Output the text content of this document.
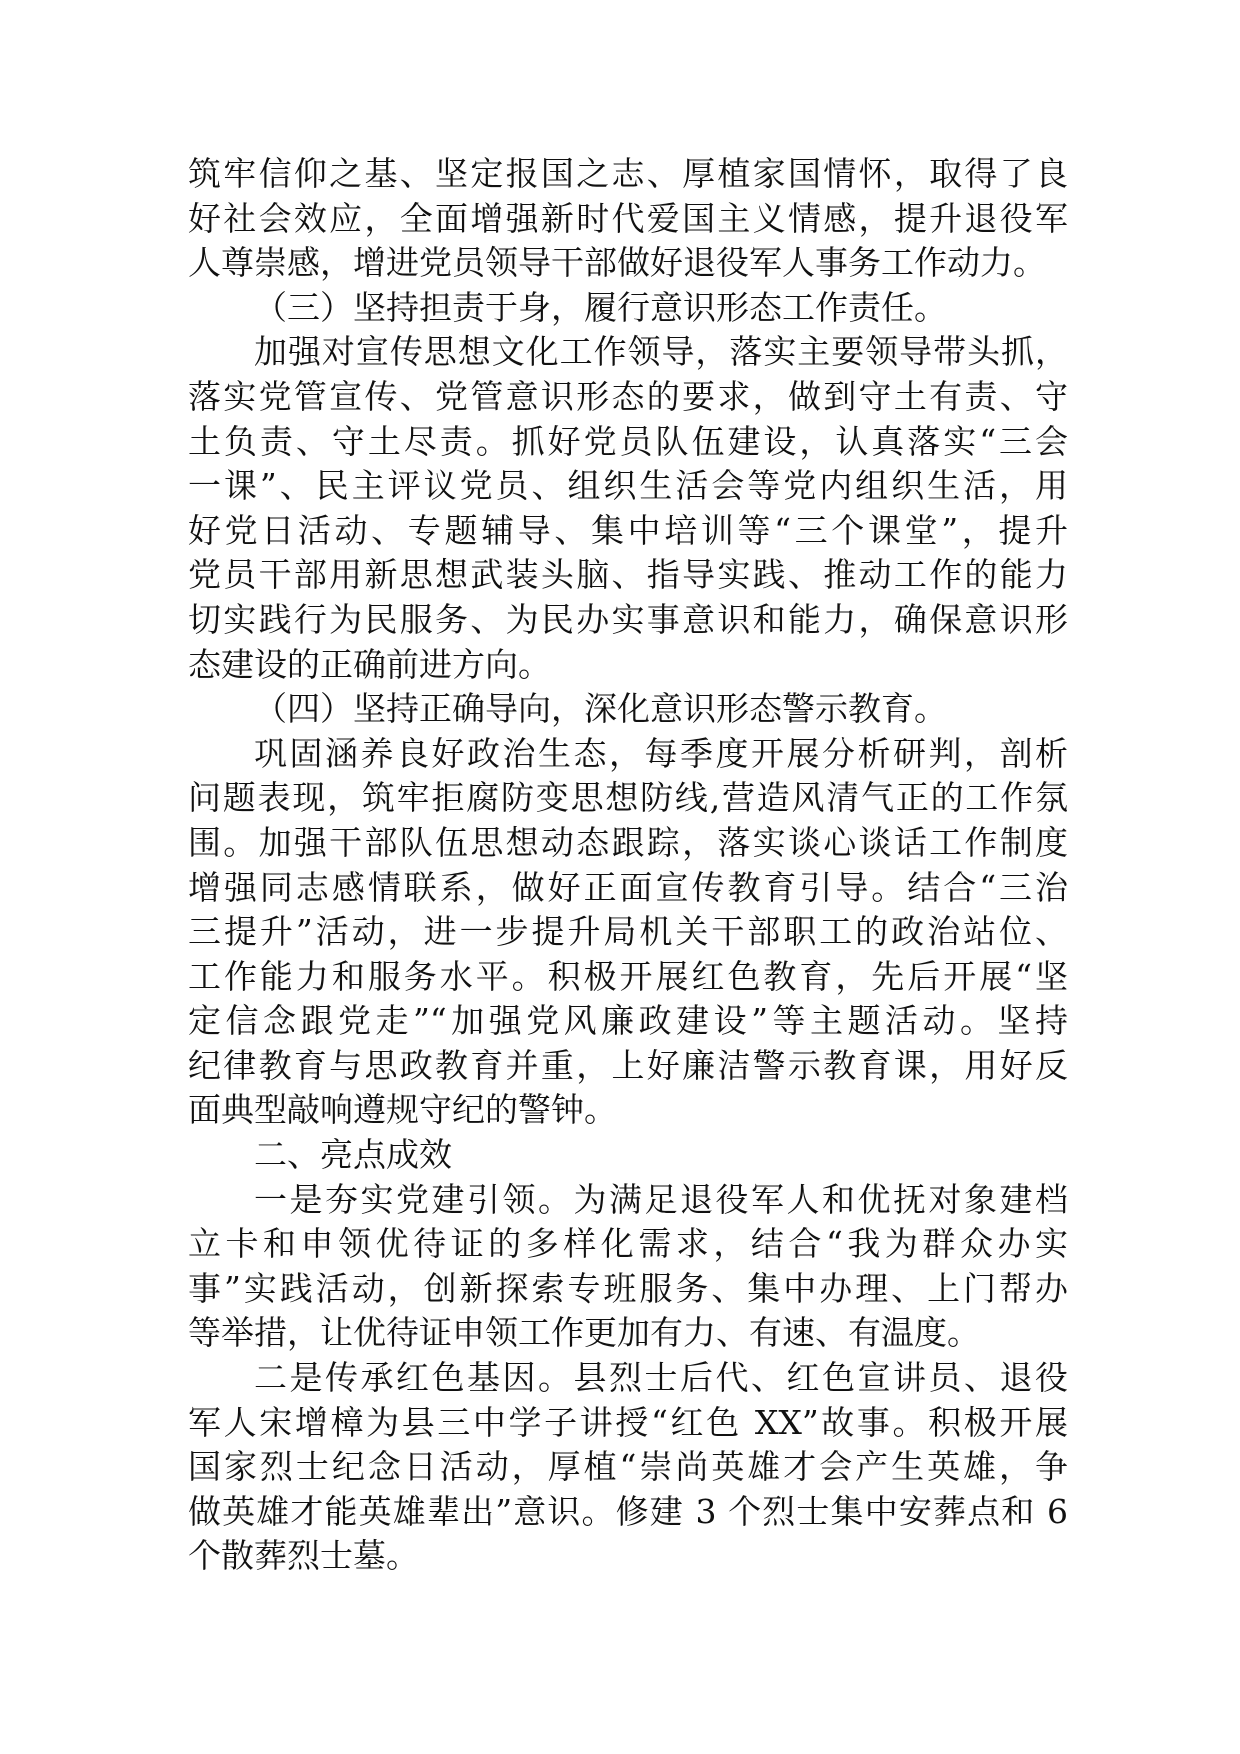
筑牢信仰之基、坚定报国之志、厚植家国情怀，取得了良
好社会效应，全面增强新时代爱国主义情感，提升退役军
人尊崇感，增进党员领导干部做好退役军人事务工作动力。
（三）坚持担责于身，履行意识形态工作责任。
加强对宣传思想文化工作领导，落实主要领导带头抓，
落实党管宣传、党管意识形态的要求，做到守土有责、守
土负责、守土尽责。抓好党员队伍建设，认真落实“三会
一课”、民主评议党员、组织生活会等党内组织生活，用
好党日活动、专题辅导、集中培训等“三个课堂”，提升
党员干部用新思想武装头脑、指导实践、推动工作的能力
切实践行为民服务、为民办实事意识和能力，确保意识形
态建设的正确前进方向。
（四）坚持正确导向，深化意识形态警示教育。
巩固涵养良好政治生态，每季度开展分析研判，剖析
问题表现，筑牢拒腐防变思想防线,营造风清气正的工作氛
围。加强干部队伍思想动态跟踪，落实谈心谈话工作制度
增强同志感情联系，做好正面宣传教育引导。结合“三治
三提升”活动，进一步提升局机关干部职工的政治站位、
工作能力和服务水平。积极开展红色教育，先后开展“坚
定信念跟党走”“加强党风廉政建设”等主题活动。坚持
纪律教育与思政教育并重，上好廉洁警示教育课，用好反
面典型敲响遵规守纪的警钟。
二、亮点成效
一是夯实党建引领。为满足退役军人和优抚对象建档
立卡和申领优待证的多样化需求，结合“我为群众办实
事”实践活动，创新探索专班服务、集中办理、上门帮办
等举措，让优待证申领工作更加有力、有速、有温度。
二是传承红色基因。县烈士后代、红色宣讲员、退役
军人宋增樟为县三中学子讲授“红色 XX”故事。积极开展
国家烈士纪念日活动，厚植“崇尚英雄才会产生英雄，争
做英雄才能英雄辈出”意识。修建 3 个烈士集中安葬点和 6
个散葬烈士墓。
